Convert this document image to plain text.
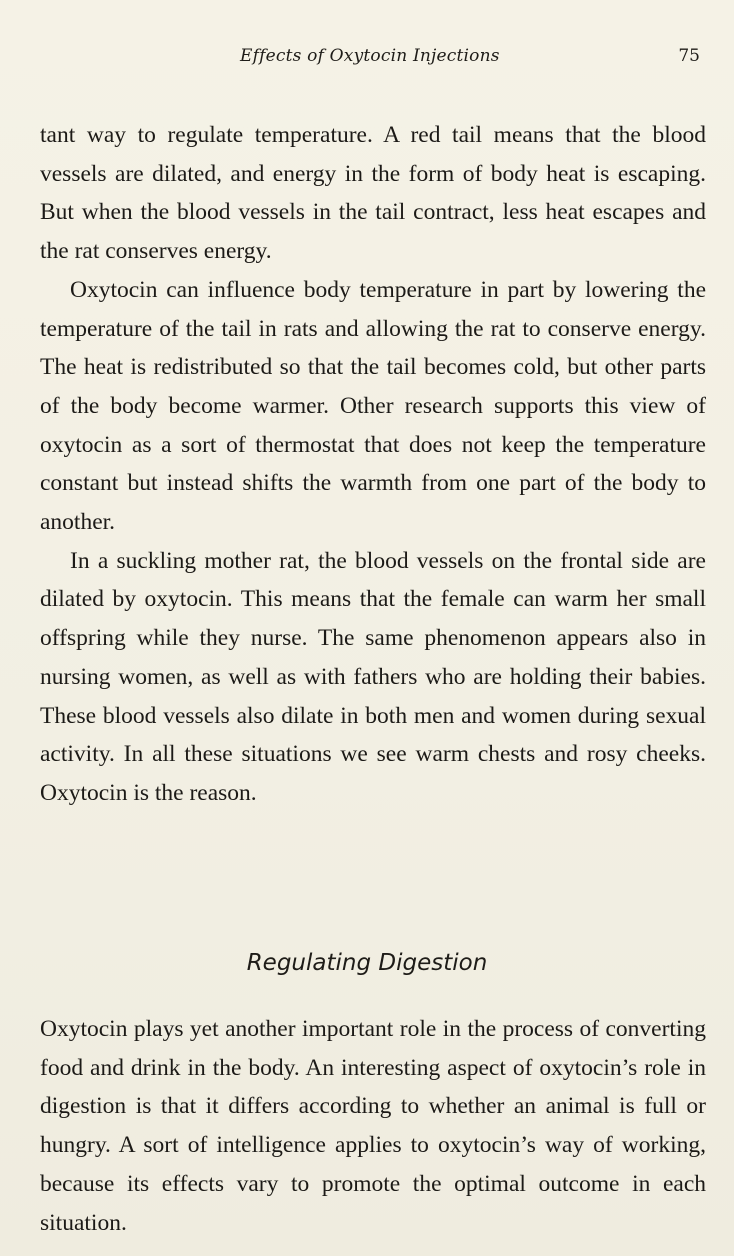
Effects of Oxytocin Injections	75

tant way to regulate temperature. A red tail means that the blood vessels are dilated, and energy in the form of body heat is escaping. But when the blood vessels in the tail contract, less heat escapes and the rat conserves energy.

Oxytocin can influence body temperature in part by lowering the temperature of the tail in rats and allowing the rat to conserve energy. The heat is redistributed so that the tail becomes cold, but other parts of the body become warmer. Other research supports this view of oxytocin as a sort of thermostat that does not keep the temperature constant but instead shifts the warmth from one part of the body to another.

In a suckling mother rat, the blood vessels on the frontal side are dilated by oxytocin. This means that the female can warm her small offspring while they nurse. The same phenomenon appears also in nursing women, as well as with fathers who are holding their babies. These blood vessels also dilate in both men and women during sexual activity. In all these situations we see warm chests and rosy cheeks. Oxytocin is the reason.

Regulating Digestion

Oxytocin plays yet another important role in the process of converting food and drink in the body. An interesting aspect of oxytocin’s role in digestion is that it differs according to whether an animal is full or hungry. A sort of intelligence applies to oxytocin’s way of working, because its effects vary to promote the optimal outcome in each situation.
